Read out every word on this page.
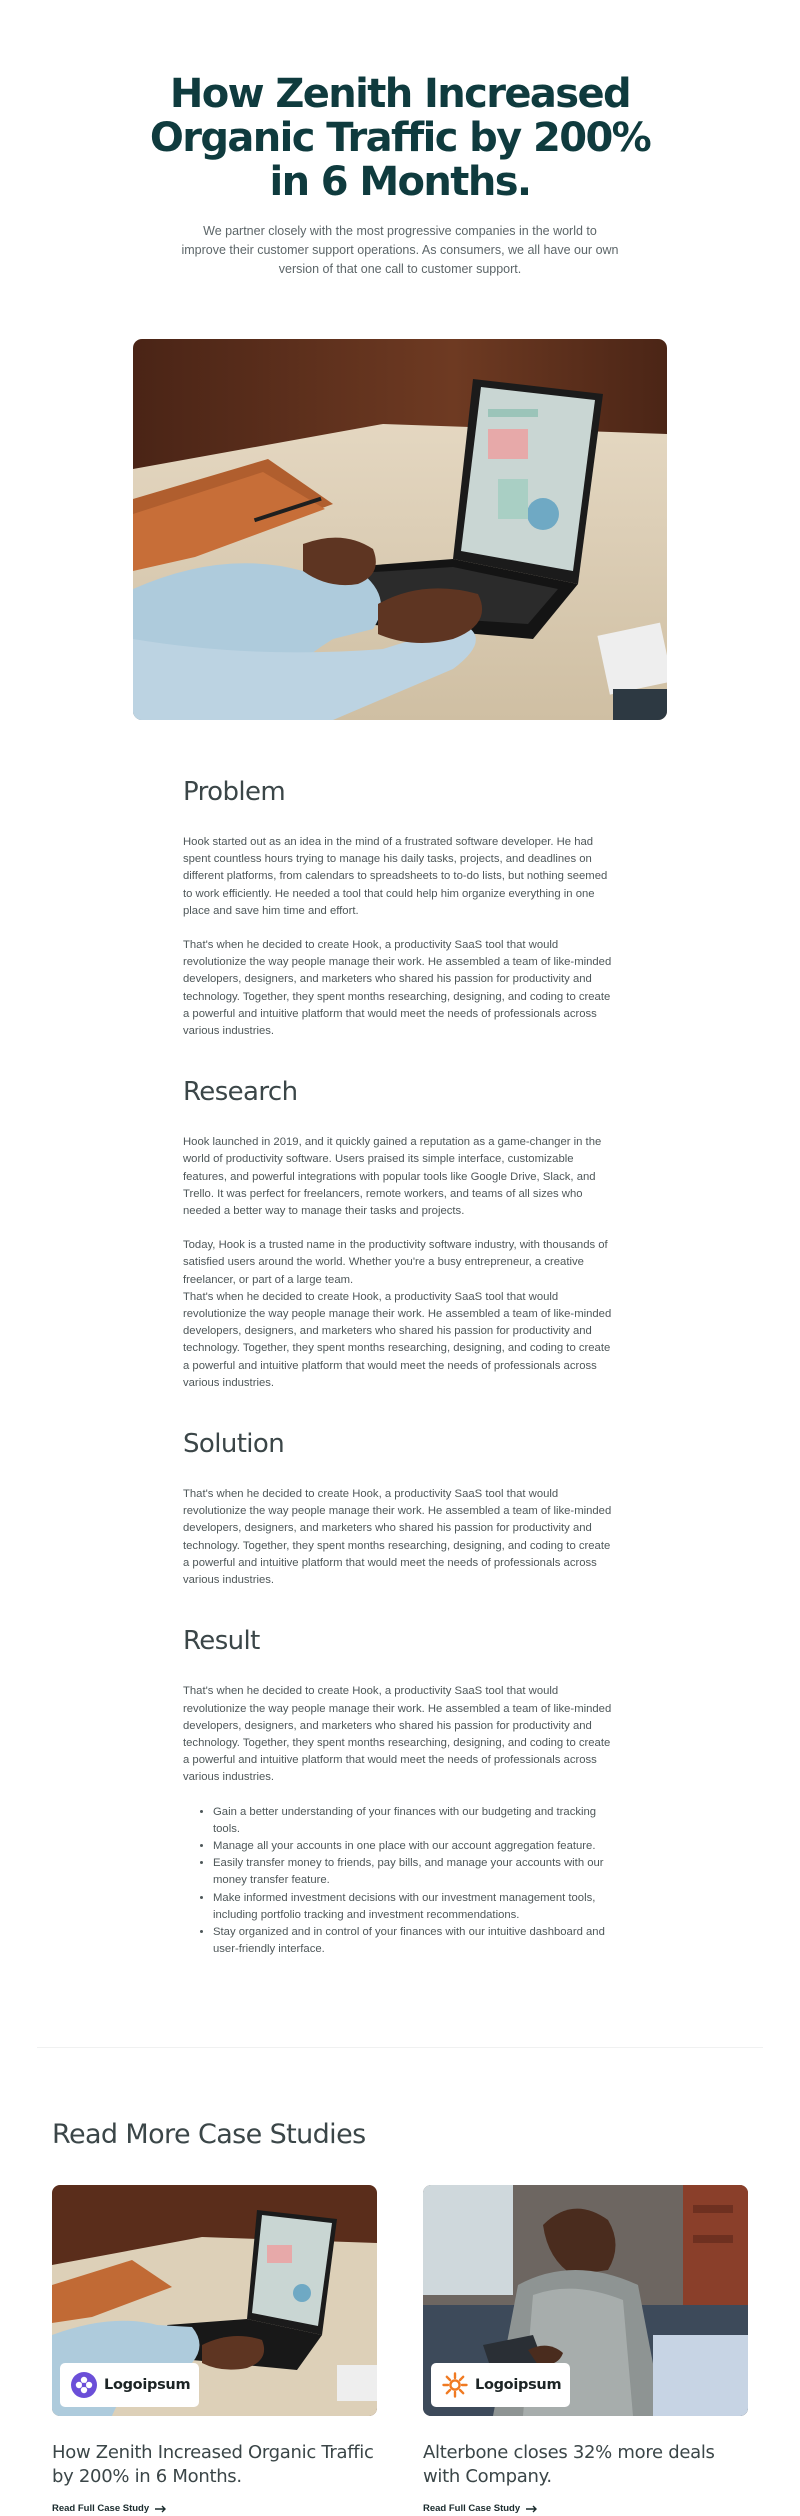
How Zenith Increased Organic Traffic by 200% in 6 Months.

We partner closely with the most progressive companies in the world to improve their customer support operations. As consumers, we all have our own version of that one call to customer support.

Problem

Hook started out as an idea in the mind of a frustrated software developer. He had spent countless hours trying to manage his daily tasks, projects, and deadlines on different platforms, from calendars to spreadsheets to to-do lists, but nothing seemed to work efficiently. He needed a tool that could help him organize everything in one place and save him time and effort.

That's when he decided to create Hook, a productivity SaaS tool that would revolutionize the way people manage their work. He assembled a team of like-minded developers, designers, and marketers who shared his passion for productivity and technology. Together, they spent months researching, designing, and coding to create a powerful and intuitive platform that would meet the needs of professionals across various industries.

Research

Hook launched in 2019, and it quickly gained a reputation as a game-changer in the world of productivity software. Users praised its simple interface, customizable features, and powerful integrations with popular tools like Google Drive, Slack, and Trello. It was perfect for freelancers, remote workers, and teams of all sizes who needed a better way to manage their tasks and projects.

Today, Hook is a trusted name in the productivity software industry, with thousands of satisfied users around the world. Whether you're a busy entrepreneur, a creative freelancer, or part of a large team.

That's when he decided to create Hook, a productivity SaaS tool that would revolutionize the way people manage their work. He assembled a team of like-minded developers, designers, and marketers who shared his passion for productivity and technology. Together, they spent months researching, designing, and coding to create a powerful and intuitive platform that would meet the needs of professionals across various industries.

Solution

That's when he decided to create Hook, a productivity SaaS tool that would revolutionize the way people manage their work. He assembled a team of like-minded developers, designers, and marketers who shared his passion for productivity and technology. Together, they spent months researching, designing, and coding to create a powerful and intuitive platform that would meet the needs of professionals across various industries.

Result

That's when he decided to create Hook, a productivity SaaS tool that would revolutionize the way people manage their work. He assembled a team of like-minded developers, designers, and marketers who shared his passion for productivity and technology. Together, they spent months researching, designing, and coding to create a powerful and intuitive platform that would meet the needs of professionals across various industries.

• Gain a better understanding of your finances with our budgeting and tracking tools.
• Manage all your accounts in one place with our account aggregation feature.
• Easily transfer money to friends, pay bills, and manage your accounts with our money transfer feature.
• Make informed investment decisions with our investment management tools, including portfolio tracking and investment recommendations.
• Stay organized and in control of your finances with our intuitive dashboard and user-friendly interface.
Read More Case Studies
Logoipsum
How Zenith Increased Organic Traffic by 200% in 6 Months.
Read Full Case Study
Logoipsum
Alterbone closes 32% more deals with Company.
Read Full Case Study
